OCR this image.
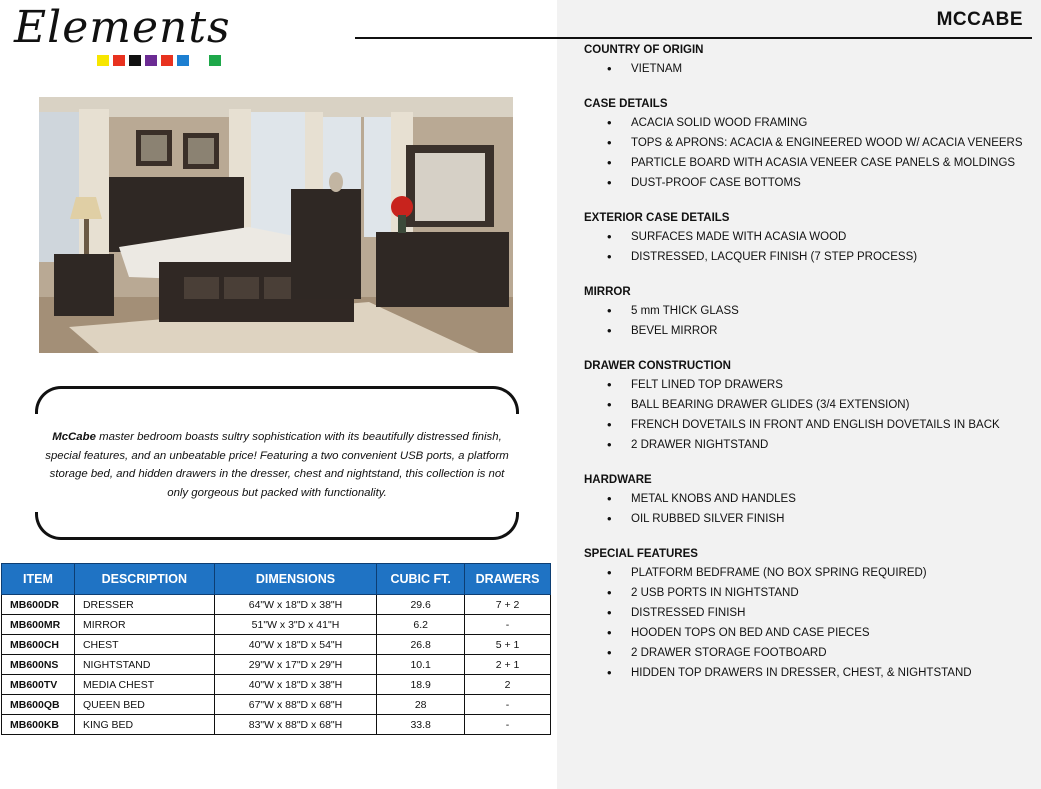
Elements	MCCABE

McCabe master bedroom boasts sultry sophistication with its beautifully distressed finish, special features, and an unbeatable price! Featuring a two convenient USB ports, a platform storage bed, and hidden drawers in the dresser, chest and nightstand, this collection is not only gorgeous but packed with functionality.

ITEM	DESCRIPTION	DIMENSIONS	CUBIC FT.	DRAWERS
MB600DR	DRESSER	64"W x 18"D x 38"H	29.6	7 + 2
MB600MR	MIRROR	51"W x 3"D x 41"H	6.2	-
MB600CH	CHEST	40"W x 18"D x 54"H	26.8	5 + 1
MB600NS	NIGHTSTAND	29"W x 17"D x 29"H	10.1	2 + 1
MB600TV	MEDIA CHEST	40"W x 18"D x 38"H	18.9	2
MB600QB	QUEEN BED	67"W x 88"D x 68"H	28	-
MB600KB	KING BED	83"W x 88"D x 68"H	33.8	-
COUNTRY OF ORIGIN
• VIETNAM
CASE DETAILS
• ACACIA SOLID WOOD FRAMING
• TOPS & APRONS: ACACIA & ENGINEERED WOOD W/ ACACIA VENEERS
• PARTICLE BOARD WITH ACASIA VENEER CASE PANELS & MOLDINGS
• DUST-PROOF CASE BOTTOMS
EXTERIOR CASE DETAILS
• SURFACES MADE WITH ACASIA WOOD
• DISTRESSED, LACQUER FINISH (7 STEP PROCESS)
MIRROR
• 5 mm THICK GLASS
• BEVEL MIRROR
DRAWER CONSTRUCTION
• FELT LINED TOP DRAWERS
• BALL BEARING DRAWER GLIDES (3/4 EXTENSION)
• FRENCH DOVETAILS IN FRONT AND ENGLISH DOVETAILS IN BACK
• 2 DRAWER NIGHTSTAND
HARDWARE
• METAL KNOBS AND HANDLES
• OIL RUBBED SILVER FINISH
SPECIAL FEATURES
• PLATFORM BEDFRAME (NO BOX SPRING REQUIRED)
• 2 USB PORTS IN NIGHTSTAND
• DISTRESSED FINISH
• HOODEN TOPS ON BED AND CASE PIECES
• 2 DRAWER STORAGE FOOTBOARD
• HIDDEN TOP DRAWERS IN DRESSER, CHEST, & NIGHTSTAND
